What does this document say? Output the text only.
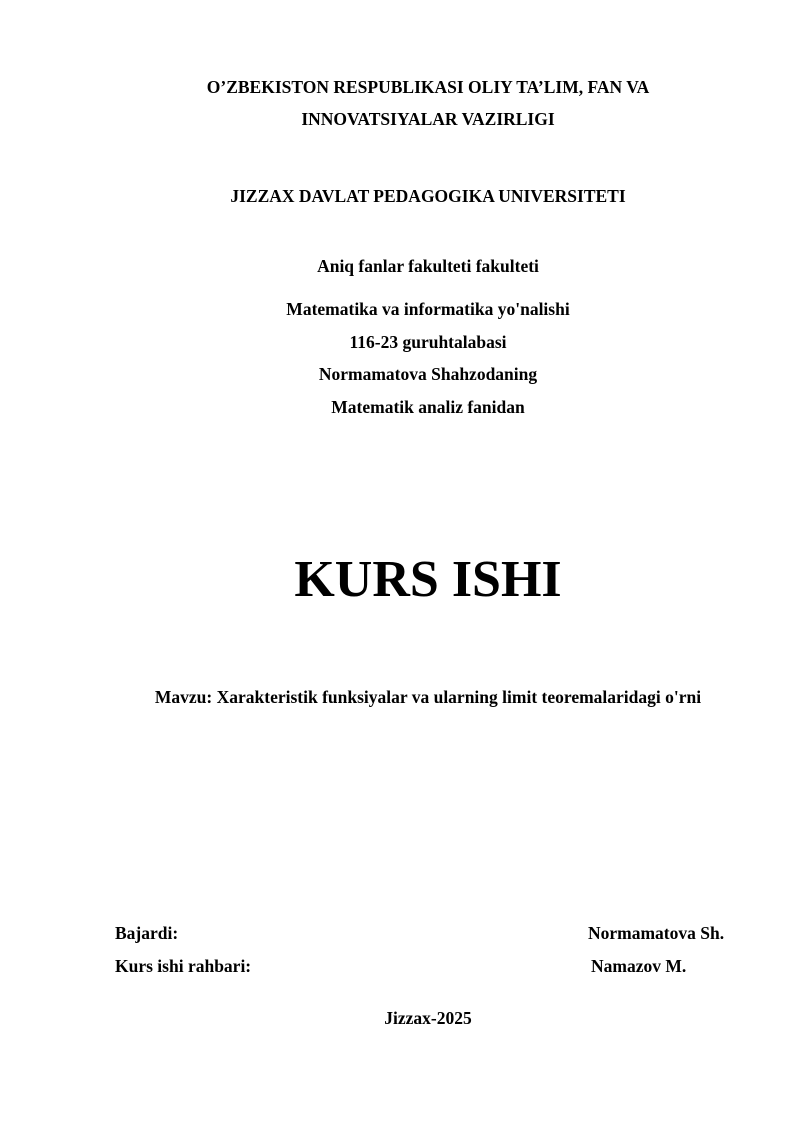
O’ZBEKISTON RESPUBLIKASI OLIY TA’LIM, FAN VA
INNOVATSIYALAR VAZIRLIGI
JIZZAX DAVLAT PEDAGOGIKA UNIVERSITETI
Aniq fanlar fakulteti fakulteti
Matematika va informatika yo'nalishi
116-23 guruhtalabasi
Normamatova Shahzodaning
Matematik analiz fanidan
KURS ISHI
Mavzu: Xarakteristik funksiyalar va ularning limit teoremalaridagi o'rni
Bajardi:	Normamatova Sh.
Kurs ishi rahbari:	Namazov M.
Jizzax-2025
